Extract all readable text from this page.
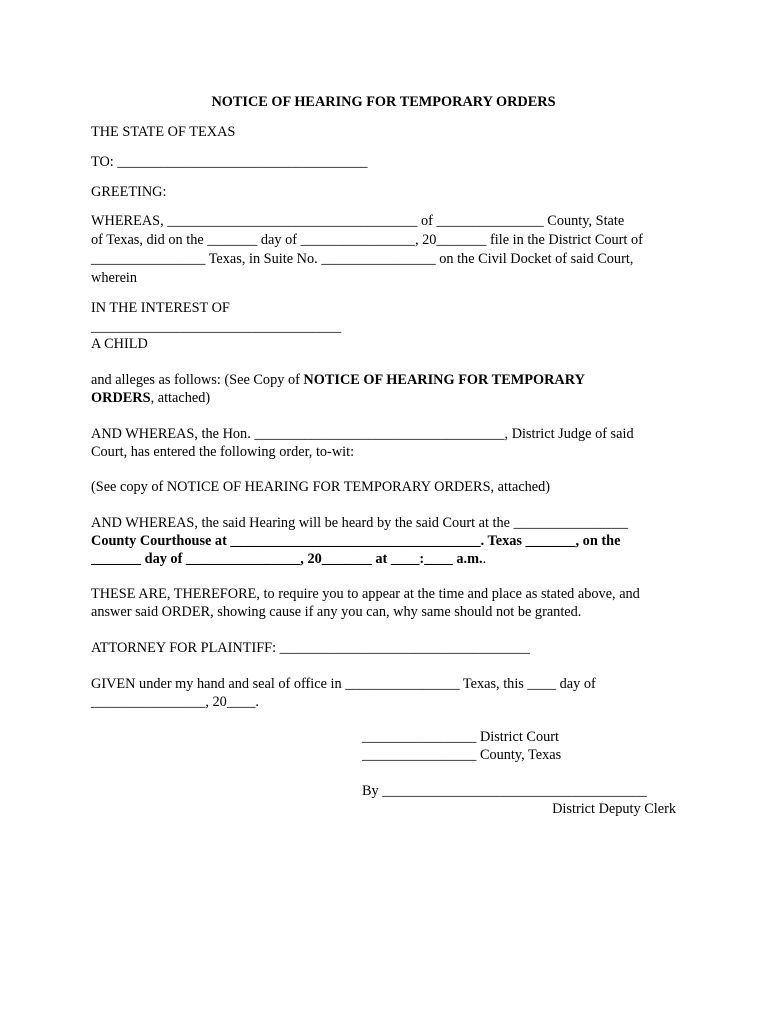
NOTICE OF HEARING FOR TEMPORARY ORDERS
THE STATE OF TEXAS
TO: ___________________________________
GREETING:
WHEREAS, ___________________________________ of _______________ County, State
of Texas, did on the _______ day of ________________, 20_______ file in the District Court of
________________ Texas, in Suite No. ________________ on the Civil Docket of said Court,
wherein
IN THE INTEREST OF
___________________________________
A CHILD
and alleges as follows: (See Copy of NOTICE OF HEARING FOR TEMPORARY
ORDERS, attached)
AND WHEREAS, the Hon. ___________________________________, District Judge of said
Court, has entered the following order, to-wit:
(See copy of NOTICE OF HEARING FOR TEMPORARY ORDERS, attached)
AND WHEREAS, the said Hearing will be heard by the said Court at the ________________
County Courthouse at ___________________________________. Texas _______, on the
_______ day of ________________, 20_______ at ____:____ a.m..
THESE ARE, THEREFORE, to require you to appear at the time and place as stated above, and
answer said ORDER, showing cause if any you can, why same should not be granted.
ATTORNEY FOR PLAINTIFF: ___________________________________
GIVEN under my hand and seal of office in ________________ Texas, this ____ day of
________________, 20____.
________________ District Court
________________ County, Texas
By _____________________________________
District Deputy Clerk
